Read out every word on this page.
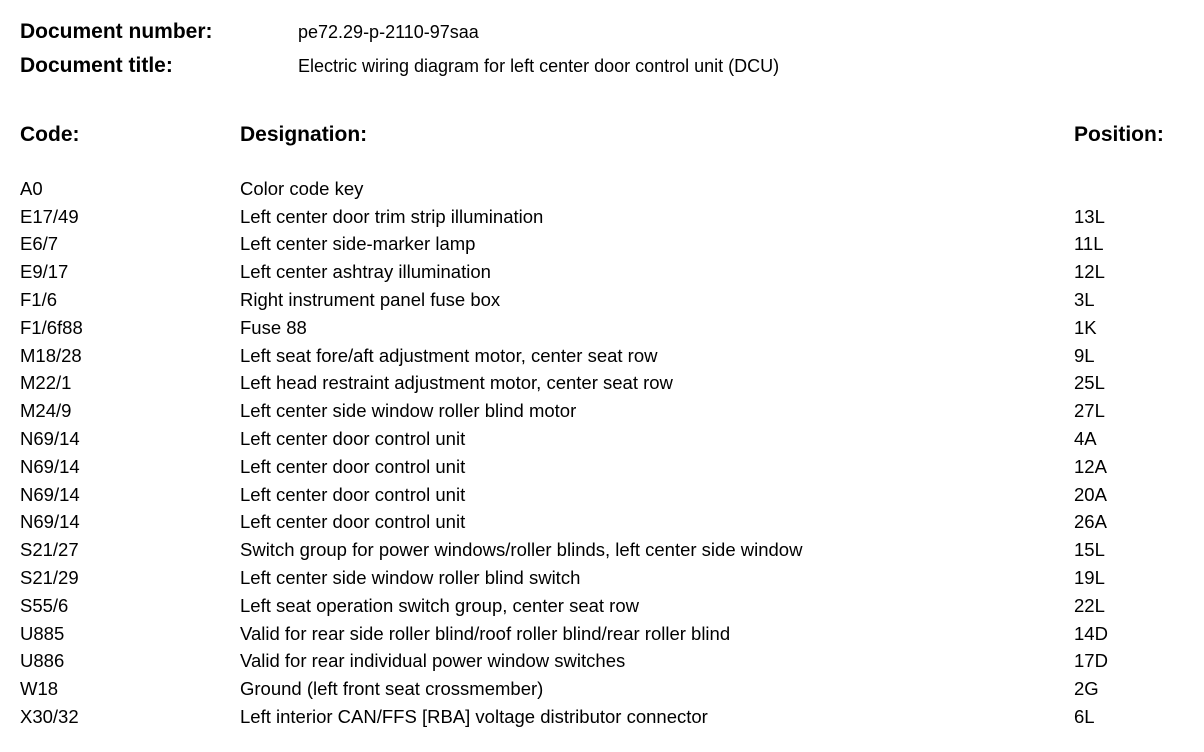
Document number:	pe72.29-p-2110-97saa
Document title:	Electric wiring diagram for left center door control unit (DCU)
Code:	Designation:	Position:
A0	Color code key
E17/49	Left center door trim strip illumination	13L
E6/7	Left center side-marker lamp	11L
E9/17	Left center ashtray illumination	12L
F1/6	Right instrument panel fuse box	3L
F1/6f88	Fuse 88	1K
M18/28	Left seat fore/aft adjustment motor, center seat row	9L
M22/1	Left head restraint adjustment motor, center seat row	25L
M24/9	Left center side window roller blind motor	27L
N69/14	Left center door control unit	4A
N69/14	Left center door control unit	12A
N69/14	Left center door control unit	20A
N69/14	Left center door control unit	26A
S21/27	Switch group for power windows/roller blinds, left center side window	15L
S21/29	Left center side window roller blind switch	19L
S55/6	Left seat operation switch group, center seat row	22L
U885	Valid for rear side roller blind/roof roller blind/rear roller blind	14D
U886	Valid for rear individual power window switches	17D
W18	Ground (left front seat crossmember)	2G
X30/32	Left interior CAN/FFS [RBA] voltage distributor connector	6L
